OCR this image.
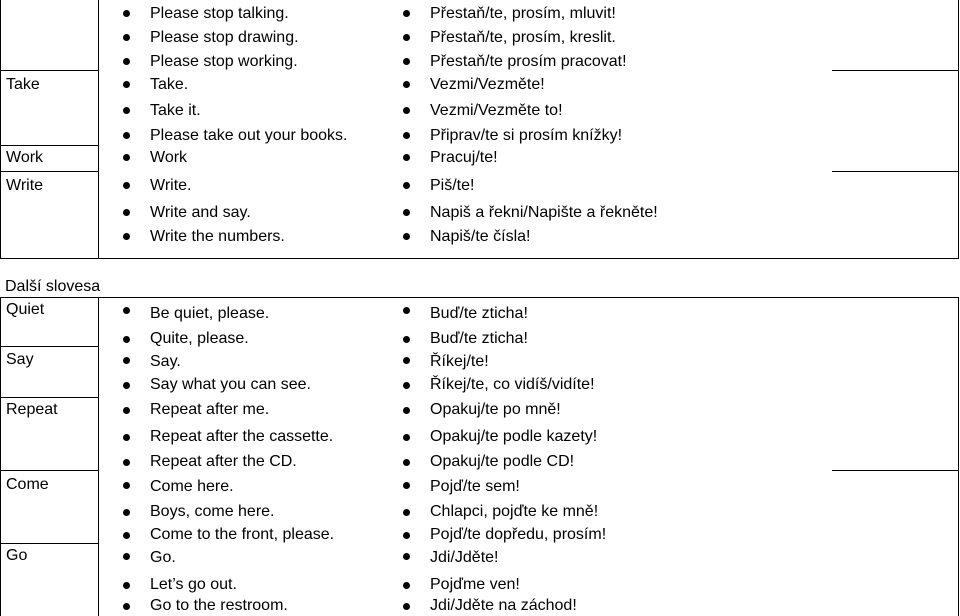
Další slovesa
Please stop talking.	Přestaň/te, prosím, mluvit!
Please stop drawing.	Přestaň/te, prosím, kreslit.
Please stop working.	Přestaň/te prosím pracovat!
Take	Take.	Vezmi/Vezměte!
Take it.	Vezmi/Vezměte to!
Please take out your books.	Připrav/te si prosím knížky!
Work	Work	Pracuj/te!
Write	Write.	Piš/te!
Write and say.	Napiš a řekni/Napište a řekněte!
Write the numbers.	Napiš/te čísla!
Quiet	Be quiet, please.	Buď/te zticha!
Quite, please.	Buď/te zticha!
Say	Say.	Říkej/te!
Say what you can see.	Říkej/te, co vidíš/vidíte!
Repeat	Repeat after me.	Opakuj/te po mně!
Repeat after the cassette.	Opakuj/te podle kazety!
Repeat after the CD.	Opakuj/te podle CD!
Come	Come here.	Pojď/te sem!
Boys, come here.	Chlapci, pojďte ke mně!
Come to the front, please.	Pojď/te dopředu, prosím!
Go	Go.	Jdi/Jděte!
Let’s go out.	Pojďme ven!
Go to the restroom.	Jdi/Jděte na záchod!
